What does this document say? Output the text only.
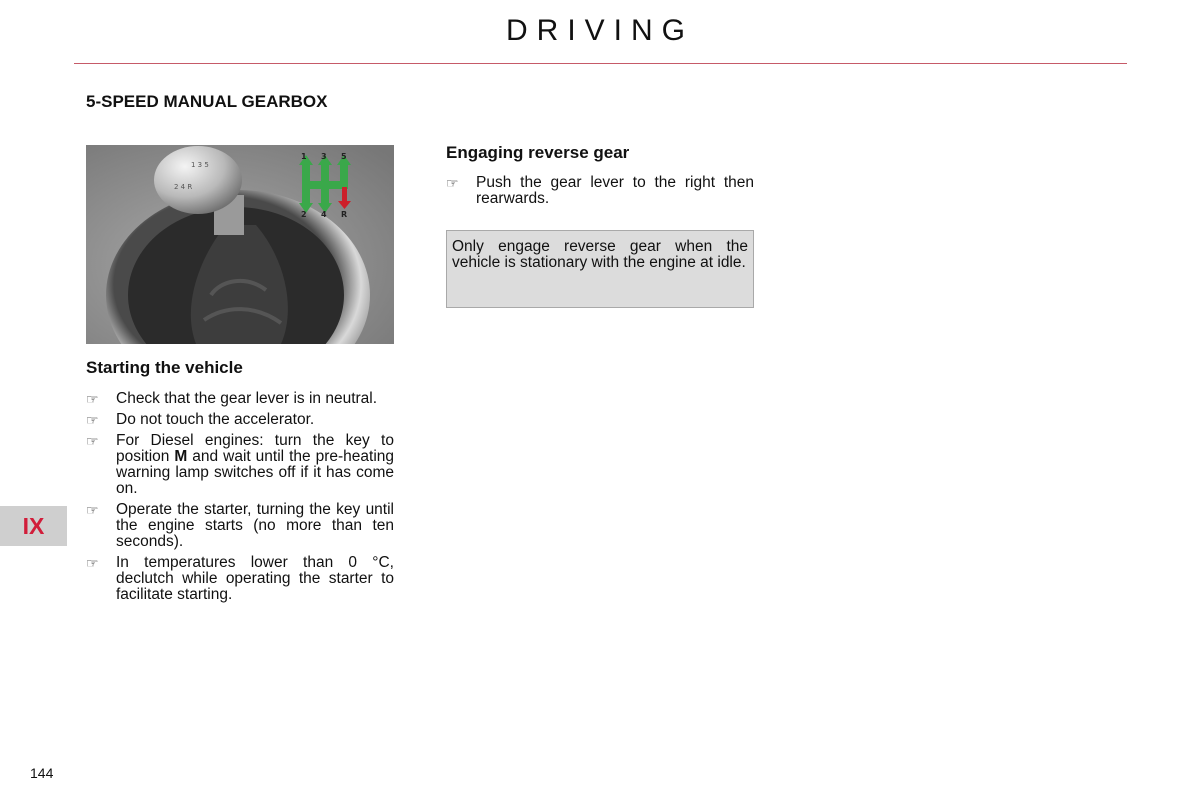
DRIVING
5-SPEED MANUAL GEARBOX
1 3 5
2 4 R
1 3 5
2 4 R
Starting the vehicle
☞	Check that the gear lever is in neutral.
☞	Do not touch the accelerator.
☞	For Diesel engines: turn the key to position M and wait until the pre-heating warning lamp switches off if it has come on.
☞	Operate the starter, turning the key until the engine starts (no more than ten seconds).
☞	In temperatures lower than 0 °C, declutch while operating the starter to facilitate starting.
Engaging reverse gear
☞	Push the gear lever to the right then rearwards.
Only engage reverse gear when the vehicle is stationary with the engine at idle.
IX
144
